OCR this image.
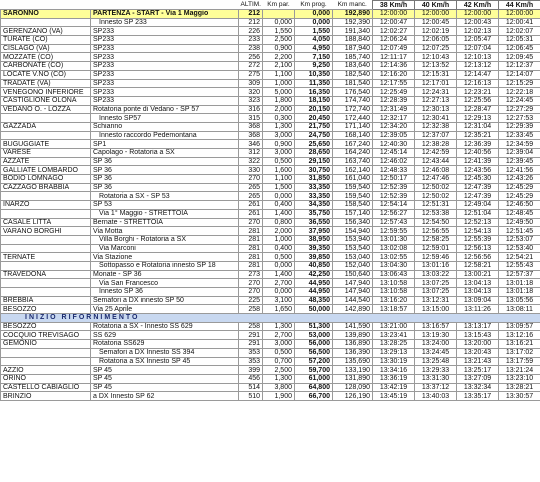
		ALTIM.	Km par.	Km prog.	Km manc.	38 Km/h	40 Km/h	42 Km/h	44 Km/h
SARONNO	PARTENZA - START - Via 1 Maggio	212		0,000	192,890	12:00:00	12:00:00	12:00:00	12:00:00
	Innesto SP 233	212	0,000	0,000	192,390	12:00:47	12:00:45	12:00:43	12:00:41
GERENZANO (VA)	SP233	226	1,550	1,550	191,340	12:02:27	12:02:19	12:02:13	12:02:07
TURATE (CO)	SP233	233	2,500	4,050	188,840	12:06:24	12:06:05	12:05:47	12:05:31
CISLAGO (VA)	SP233	238	0,900	4,950	187,940	12:07:49	12:07:25	12:07:04	12:06:45
MOZZATE (CO)	SP233	256	2,200	7,150	185,740	12:11:17	12:10:43	12:10:13	12:09:45
CARBONATE (CO)	SP233	272	2,100	9,250	183,640	12:14:36	12:13:52	12:13:12	12:12:37
LOCATE V.NO (CO)	SP233	275	1,100	10,350	182,540	12:16:20	12:15:31	12:14:47	12:14:07
TRADATE (VA)	SP233	309	1,000	11,350	181,540	12:17:55	12:17:01	12:16:13	12:15:29
VENEGONO INFERIORE	SP233	320	5,000	16,350	176,540	12:25:49	12:24:31	12:23:21	12:22:18
CASTIGLIONE OLONA	SP233	323	1,800	18,150	174,740	12:28:39	12:27:13	12:25:56	12:24:45
VEDANO O. - LOZZA	Rotatoria ponte di Vedano - SP 57	316	2,000	20,150	172,740	12:31:49	12:30:13	12:28:47	12:27:29
	Innesto SP57	315	0,300	20,450	172,440	12:32:17	12:30:41	12:29:13	12:27:53
GAZZADA	Schianno	368	1,300	21,750	171,140	12:34:20	12:32:38	12:31:04	12:29:39
	Innesto raccordo Pedemontana	368	3,000	24,750	168,140	12:39:05	12:37:07	12:35:21	12:33:45
BUGUGGIATE	SP1	346	0,900	25,650	167,240	12:40:30	12:38:28	12:36:39	12:34:59
VARESE	Capolago - Rotatoria a SX	312	3,000	28,650	164,240	12:45:14	12:42:59	12:40:56	12:39:04
AZZATE	SP 36	322	0,500	29,150	163,740	12:46:02	12:43:44	12:41:39	12:39:45
GALLIATE LOMBARDO	SP 36	330	1,600	30,750	162,140	12:48:33	12:46:08	12:43:56	12:41:56
BODIO LOMNAGO	SP 36	270	1,100	31,850	161,040	12:50:17	12:47:46	12:45:30	12:43:26
CAZZAGO BRABBIA	SP 36	265	1,500	33,350	159,540	12:52:39	12:50:02	12:47:39	12:45:29
	Rotatoria a SX - SP 53	265	0,000	33,350	159,540	12:52:39	12:50:02	12:47:39	12:45:29
INARZO	SP 53	261	0,400	34,350	158,540	12:54:14	12:51:31	12:49:04	12:46:50
	Via 1° Maggio - STRETTOIA	261	1,400	35,750	157,140	12:56:27	12:53:38	12:51:04	12:48:45
CASALE LITTA	Bernate - STRETTOIA	270	0,800	36,550	156,340	12:57:43	12:54:50	12:52:13	12:49:50
VARANO BORGHI	Via Motta	281	2,000	37,950	154,940	12:59:55	12:56:55	12:54:13	12:51:45
	Villa Borghi - Rotatoria a SX	281	1,000	38,950	153,940	13:01:30	12:58:25	12:55:39	12:53:07
	Via Marconi	281	0,400	39,350	153,540	13:02:08	12:59:01	12:56:13	12:53:40
TERNATE	Via Stazione	281	0,500	39,850	153,040	13:02:55	12:59:46	12:56:56	12:54:21
	Sottopasso e Rotatoria innesto SP 18	281	0,000	40,850	152,040	13:04:30	13:01:16	12:58:21	12:55:43
TRAVEDONA	Monate - SP 36	273	1,400	42,250	150,640	13:06:43	13:03:22	13:00:21	12:57:37
	Via San Francesco	270	2,700	44,950	147,940	13:10:58	13:07:25	13:04:13	13:01:18
	Innesto SP 36	270	0,000	44,950	147,940	13:10:58	13:07:25	13:04:13	13:01:18
BREBBIA	Semafori a DX innesto SP 50	225	3,100	48,350	144,540	13:16:20	13:12:31	13:09:04	13:05:56
BESOZZO	Via 25 Aprile	258	1,650	50,000	142,890	13:18:57	13:15:00	13:11:26	13:08:11
INIZIO RIFORNIMENTO									
BESOZZO	Rotatoria a SX - Innesto SS 629	258	1,300	51,300	141,590	13:21:00	13:16:57	13:13:17	13:09:57
COCQUIO TREVISAGO	SS 629	291	2,700	53,000	139,890	13:23:41	13:19:30	13:15:43	13:12:16
GEMONIO	Rotatoria SS629	291	3,000	56,000	136,890	13:28:25	13:24:00	13:20:00	13:16:21
	Semafori a DX Innesto SS 394	353	0,500	56,500	136,390	13:29:13	13:24:45	13:20:43	13:17:02
	Rotatoria a SX Innesto SP 45	353	0,700	57,200	135,690	13:30:19	13:25:48	13:21:43	13:17:59
AZZIO	SP 45	399	2,500	59,700	133,190	13:34:16	13:29:33	13:25:17	13:21:24
ORINO	SP 45	456	1,300	61,000	131,890	13:36:19	13:31:30	13:27:09	13:23:10
CASTELLO CABIAGLIO	SP 45	514	3,800	64,800	128,090	13:42:19	13:37:12	13:32:34	13:28:21
BRINZIO	a DX Innesto SP 62	510	1,900	66,700	126,190	13:45:19	13:40:03	13:35:17	13:30:57
